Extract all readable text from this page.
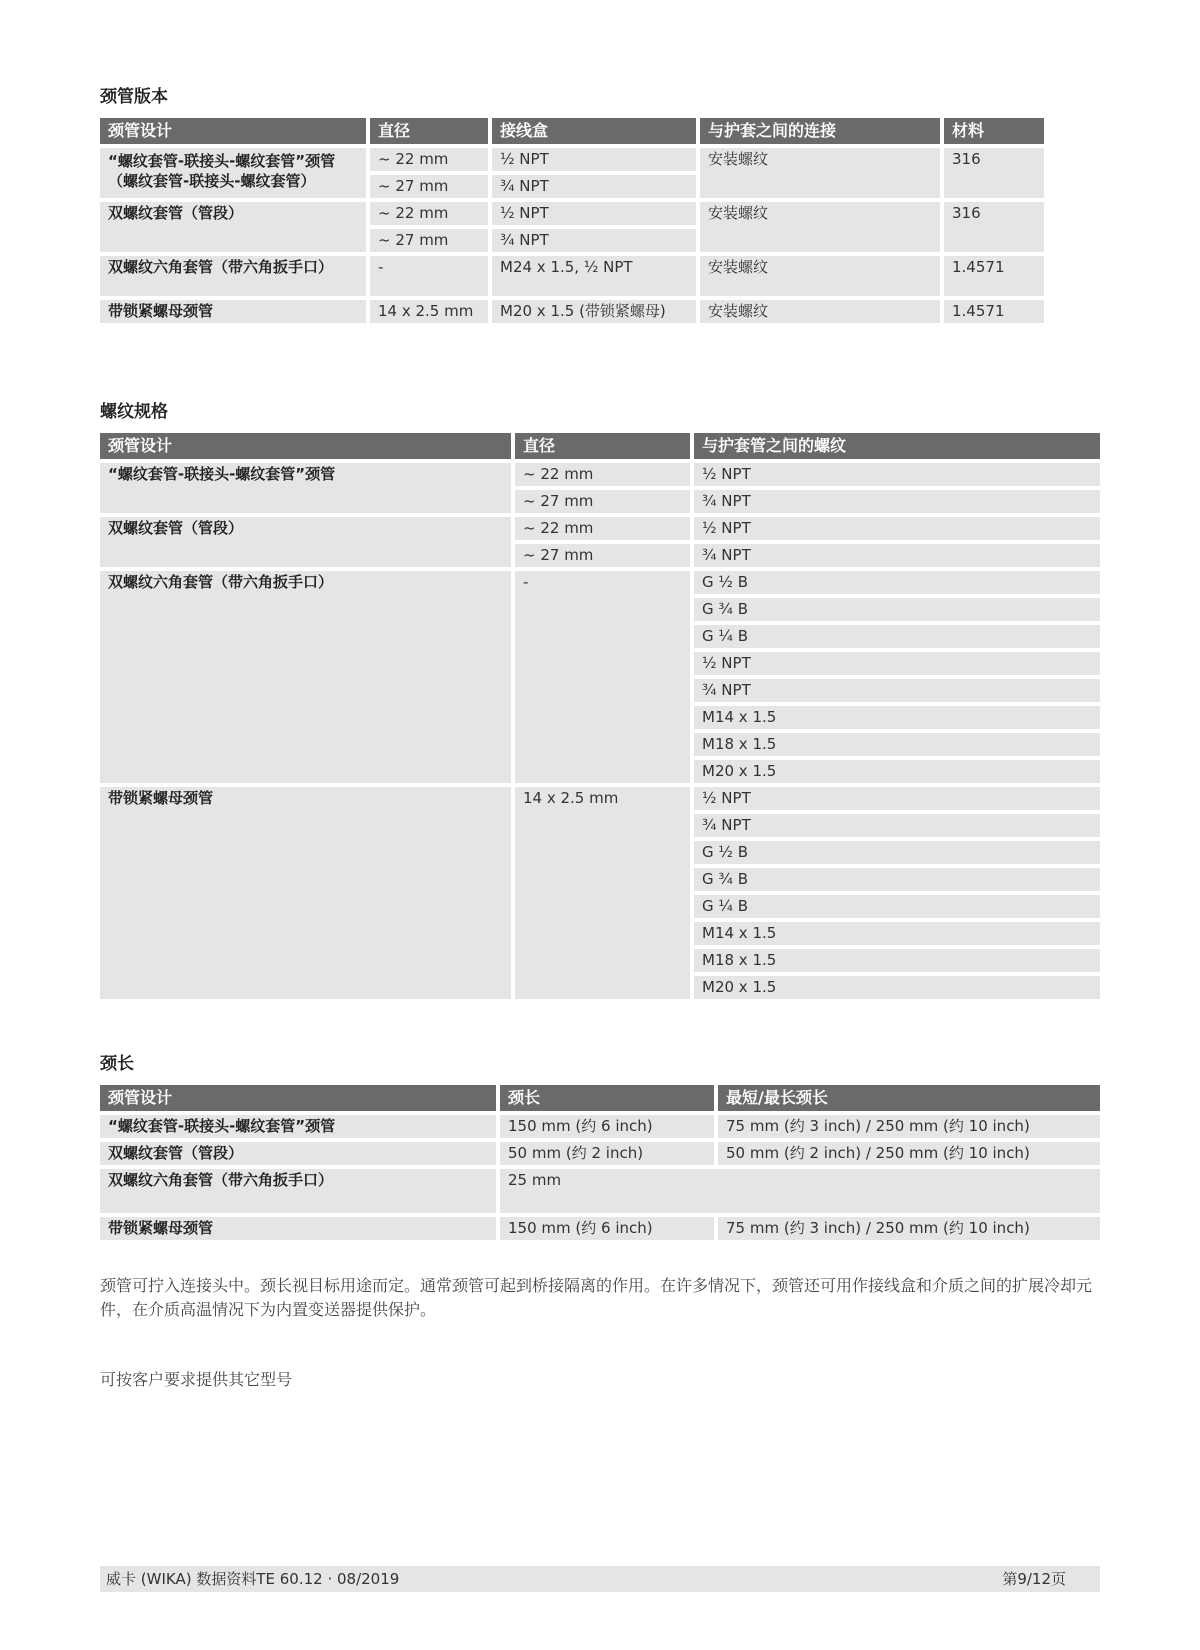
颈管版本
颈管设计	直径	接线盒	与护套之间的连接	材料
“螺纹套管-联接头-螺纹套管”颈管
（螺纹套管-联接头-螺纹套管）
~ 22 mm	½ NPT	安装螺纹	316
~ 27 mm	¾ NPT
双螺纹套管（管段）	~ 22 mm	½ NPT	安装螺纹	316
~ 27 mm	¾ NPT
双螺纹六角套管（带六角扳手口）	-	M24 x 1.5, ½ NPT	安装螺纹	1.4571
带锁紧螺母颈管	14 x 2.5 mm	M20 x 1.5 (带锁紧螺母)	安装螺纹	1.4571
螺纹规格
颈管设计	直径	与护套管之间的螺纹
“螺纹套管-联接头-螺纹套管”颈管	~ 22 mm	½ NPT
~ 27 mm	¾ NPT
双螺纹套管（管段）	~ 22 mm	½ NPT
~ 27 mm	¾ NPT
双螺纹六角套管（带六角扳手口）	-	G ½ B
G ¾ B
G ¼ B
½ NPT
¾ NPT
M14 x 1.5
M18 x 1.5
M20 x 1.5
带锁紧螺母颈管	14 x 2.5 mm	½ NPT
¾ NPT
G ½ B
G ¾ B
G ¼ B
M14 x 1.5
M18 x 1.5
M20 x 1.5
颈长
颈管设计	颈长	最短/最长颈长
“螺纹套管-联接头-螺纹套管”颈管	150 mm (约 6 inch)	75 mm (约 3 inch) / 250 mm (约 10 inch)
双螺纹套管（管段）	50 mm (约 2 inch)	50 mm (约 2 inch) / 250 mm (约 10 inch)
双螺纹六角套管（带六角扳手口）	25 mm
带锁紧螺母颈管	150 mm (约 6 inch)	75 mm (约 3 inch) / 250 mm (约 10 inch)
颈管可拧入连接头中。颈长视目标用途而定。通常颈管可起到桥接隔离的作用。在许多情况下，颈管还可用作接线盒和介质之间的扩展冷却元件，在介质高温情况下为内置变送器提供保护。
可按客户要求提供其它型号
威卡 (WIKA) 数据资料TE 60.12 · 08/2019	第9/12页
